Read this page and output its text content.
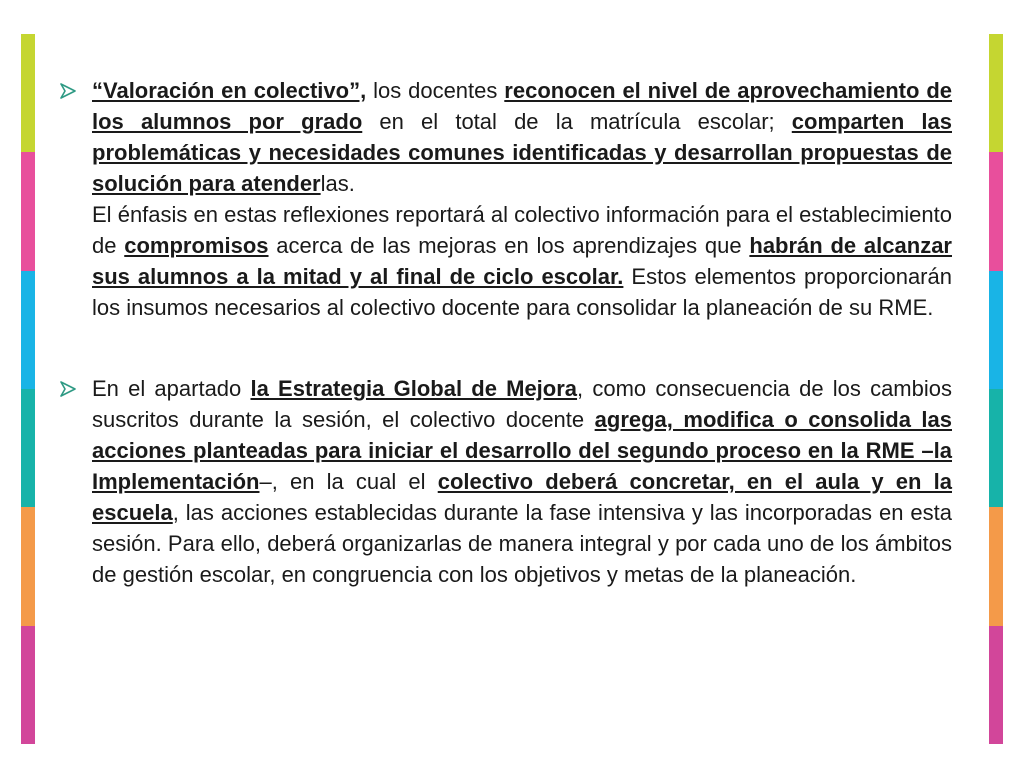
“Valoración en colectivo”, los docentes reconocen el nivel de aprovechamiento de los alumnos por grado en el total de la matrícula escolar; comparten las problemáticas y necesidades comunes identificadas y desarrollan propuestas de solución para atenderlas.

El énfasis en estas reflexiones reportará al colectivo información para el establecimiento de compromisos acerca de las mejoras en los aprendizajes que habrán de alcanzar sus alumnos a la mitad y al final de ciclo escolar. Estos elementos proporcionarán los insumos necesarios al colectivo docente para consolidar la planeación de su RME.

En el apartado la Estrategia Global de Mejora, como consecuencia de los cambios suscritos durante la sesión, el colectivo docente agrega, modifica o consolida las acciones planteadas para iniciar el desarrollo del segundo proceso en la RME –la Implementación–, en la cual el colectivo deberá concretar, en el aula y en la escuela, las acciones establecidas durante la fase intensiva y las incorporadas en esta sesión. Para ello, deberá organizarlas de manera integral y por cada uno de los ámbitos de gestión escolar, en congruencia con los objetivos y metas de la planeación.
